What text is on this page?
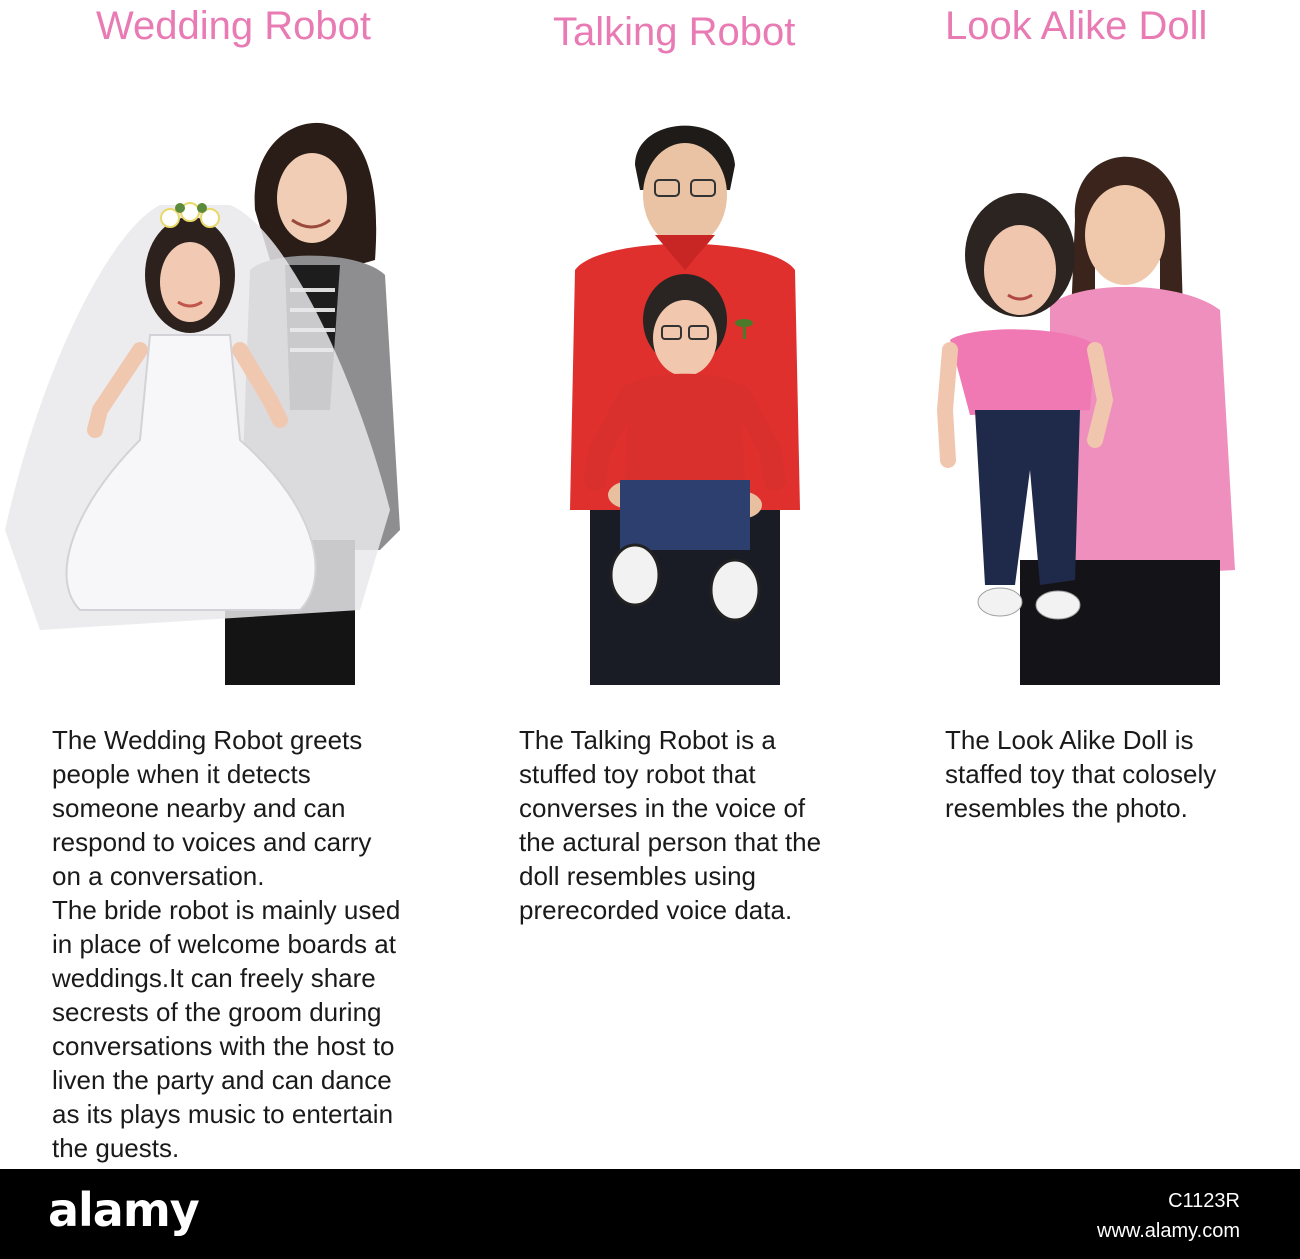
Wedding Robot	Talking Robot	Look Alike Doll
The Wedding Robot greets
people when it detects
someone nearby and can
respond to voices and carry
on a conversation.
The bride robot is mainly used
in place of welcome boards at
weddings.It can freely share
secrests of the groom during
conversations with the host to
liven the party and can dance
as its plays music to entertain
the guests.
The Talking Robot is a
stuffed toy robot that
converses in the voice of
the actural person that the
doll resembles using
prerecorded voice data.
The Look Alike Doll is
staffed toy that colosely
resembles the photo.
alamy	C1123R
www.alamy.com
